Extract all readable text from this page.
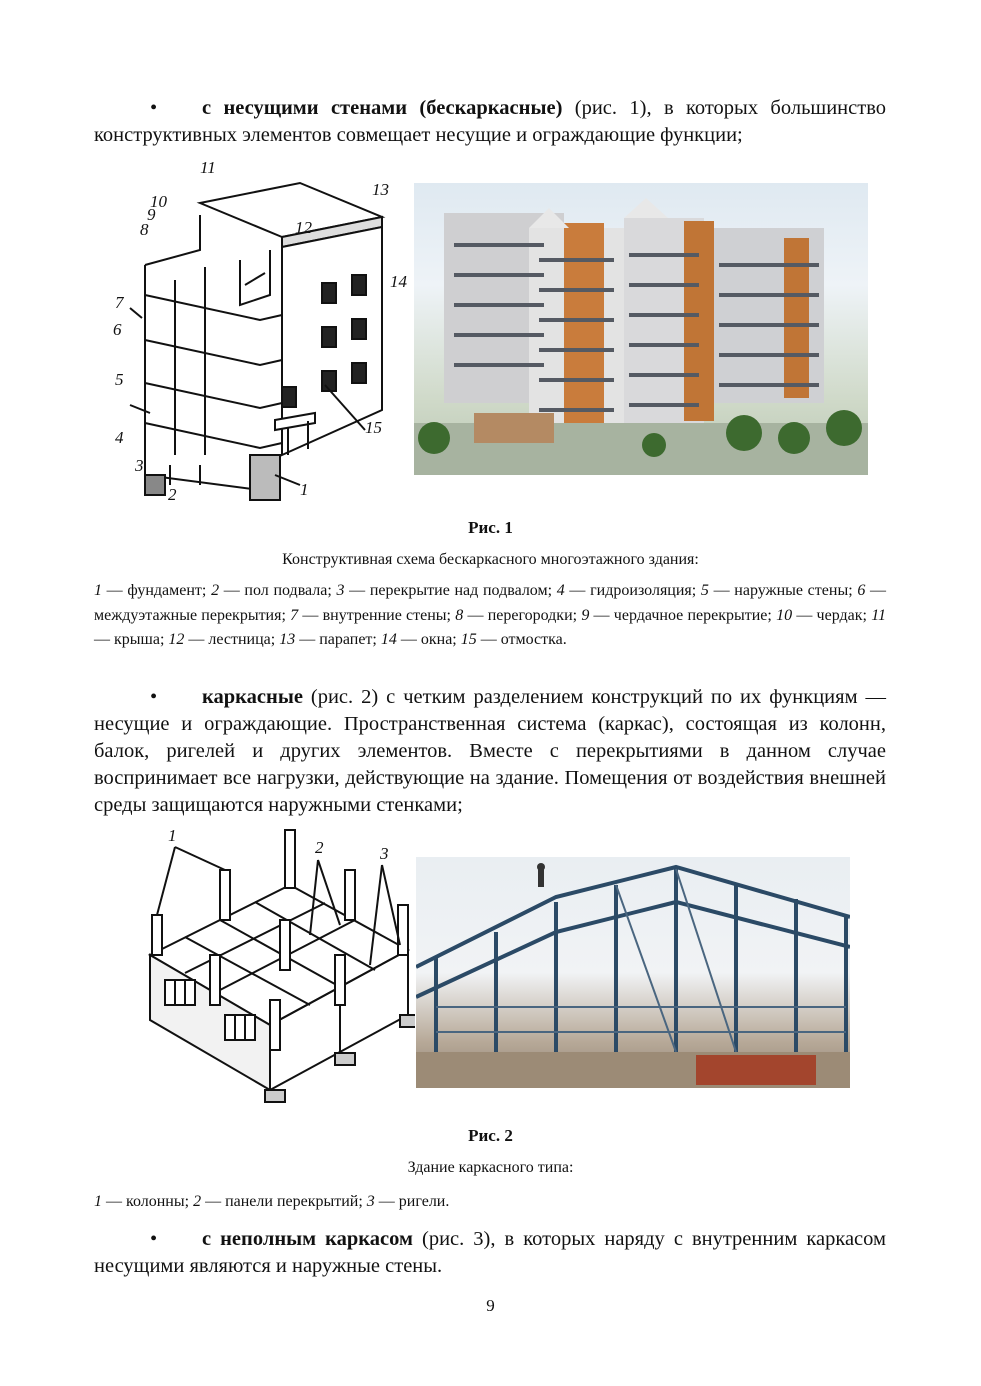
• с несущими стенами (бескаркасные) (рис. 1), в которых большинство конструктивных элементов совмещает несущие и ограждающие функции;

11
10
9
8
13
12
14
7
6
5
4
15
3
1
2
Рис. 1
Конструктивная схема бескаркасного многоэтажного здания:

1 — фундамент; 2 — пол подвала; 3 — перекрытие над подвалом; 4 — гидроизоляция; 5 — наружные стены; 6 — междуэтажные перекрытия; 7 — внутренние стены; 8 — перегородки; 9 — чердачное перекрытие; 10 — чердак; 11 — крыша; 12 — лестница; 13 — парапет; 14 — окна; 15 — отмостка.

• каркасные (рис. 2) с четким разделением конструкций по их функциям — несущие и ограждающие. Пространственная система (каркас), состоящая из колонн, балок, ригелей и других элементов. Вместе с перекрытиями в данном случае воспринимает все нагрузки, действующие на здание. Помещения от воздействия внешней среды защищаются наружными стенками;

1
2	3
Рис. 2
Здание каркасного типа:

1 — колонны; 2 — панели перекрытий; 3 — ригели.

• с неполным каркасом (рис. 3), в которых наряду с внутренним каркасом несущими являются и наружные стены.

9
